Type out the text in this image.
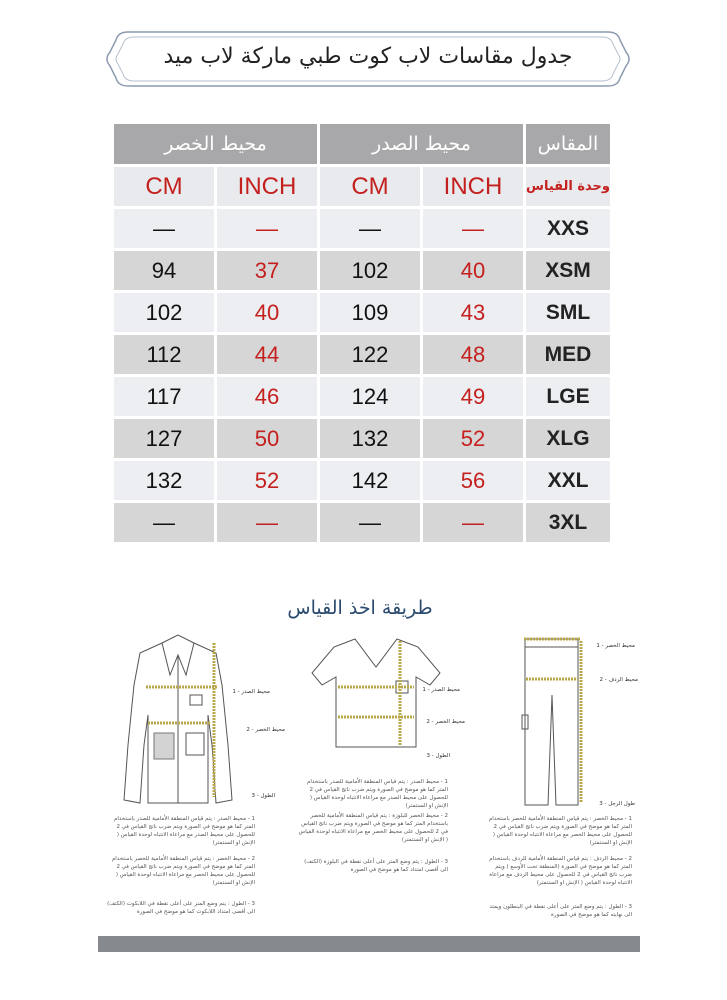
جدول مقاسات لاب كوت طبي ماركة لاب ميد
محيط الخصر		محيط الصدر		المقاس
CM	INCH	CM	INCH	وحدة القياس
—	—	—	—	XXS
94	37	102	40	XSM
102	40	109	43	SML
112	44	122	48	MED
117	46	124	49	LGE
127	50	132	52	XLG
132	52	142	56	XXL
—	—	—	—	3XL
طريقة اخذ القياس
1 - محيط الصدر
2 - محيط الخصر
3 - الطول
1 - محيط الصدر
2 - محيط الخصر
3 - الطول
1 - محيط الخصر
2 - محيط الردف
3 - طول الرجل
1 - محيط الصدر : يتم قياس المنطقة الأمامية للصدر باستخدام المتر كما هو موضح في الصورة ويتم ضرب ناتج القياس في 2 للحصول على محيط الصدر مع مراعاة الانتباه لوحدة القياس ( الإنش او السنتمتر)
2 - محيط الخصر : يتم قياس المنطقة الأمامية للخصر باستخدام المتر كما هو موضح في الصورة ويتم ضرب ناتج القياس في 2 للحصول على محيط الخصر مع مراعاة الانتباه لوحدة القياس ( الإنش او السنتمتر)
3 - الطول : يتم وضع المتر على أعلى نقطة في اللابكوت (الكتف) الى أقصى امتداد اللابكوت كما هو موضح في الصورة
1 - محيط الصدر : يتم قياس المنطقة الأمامية للصدر باستخدام المتر كما هو موضح في الصورة ويتم ضرب ناتج القياس في 2 للحصول على محيط الصدر مع مراعاة الانتباه لوحدة القياس ( الإنش او السنتمتر)
2 - محيط الخصر للبلوزة : يتم قياس المنطقة الأمامية للخصر باستخدام المتر كما هو موضح في الصورة ويتم ضرب ناتج القياس في 2 للحصول على محيط الخصر مع مراعاة الانتباه لوحدة القياس ( الإنش او السنتمتر)
3 - الطول : يتم وضع المتر على أعلى نقطة في البلوزة (الكتف) الى أقصى امتداد كما هو موضح في الصورة
1 - محيط الخصر : يتم قياس المنطقة الأمامية للخصر باستخدام المتر كما هو موضح في الصورة ويتم ضرب ناتج القياس في 2 للحصول على محيط الخصر مع مراعاة الانتباه لوحدة القياس ( الإنش او السنتمتر)
2 - محيط الردف : يتم قياس المنطقة الأمامية للردف باستخدام المتر كما هو موضح في الصورة (المنطقة تحت الأوسع ) ويتم ضرب ناتج القياس في 2 للحصول على محيط الردف مع مراعاة الانتباه لوحدة القياس ( الإنش او السنتمتر)
3 - الطول : يتم وضع المتر على أعلى نقطة في البنطلون ويمتد الى نهايته كما هو موضح في الصورة
